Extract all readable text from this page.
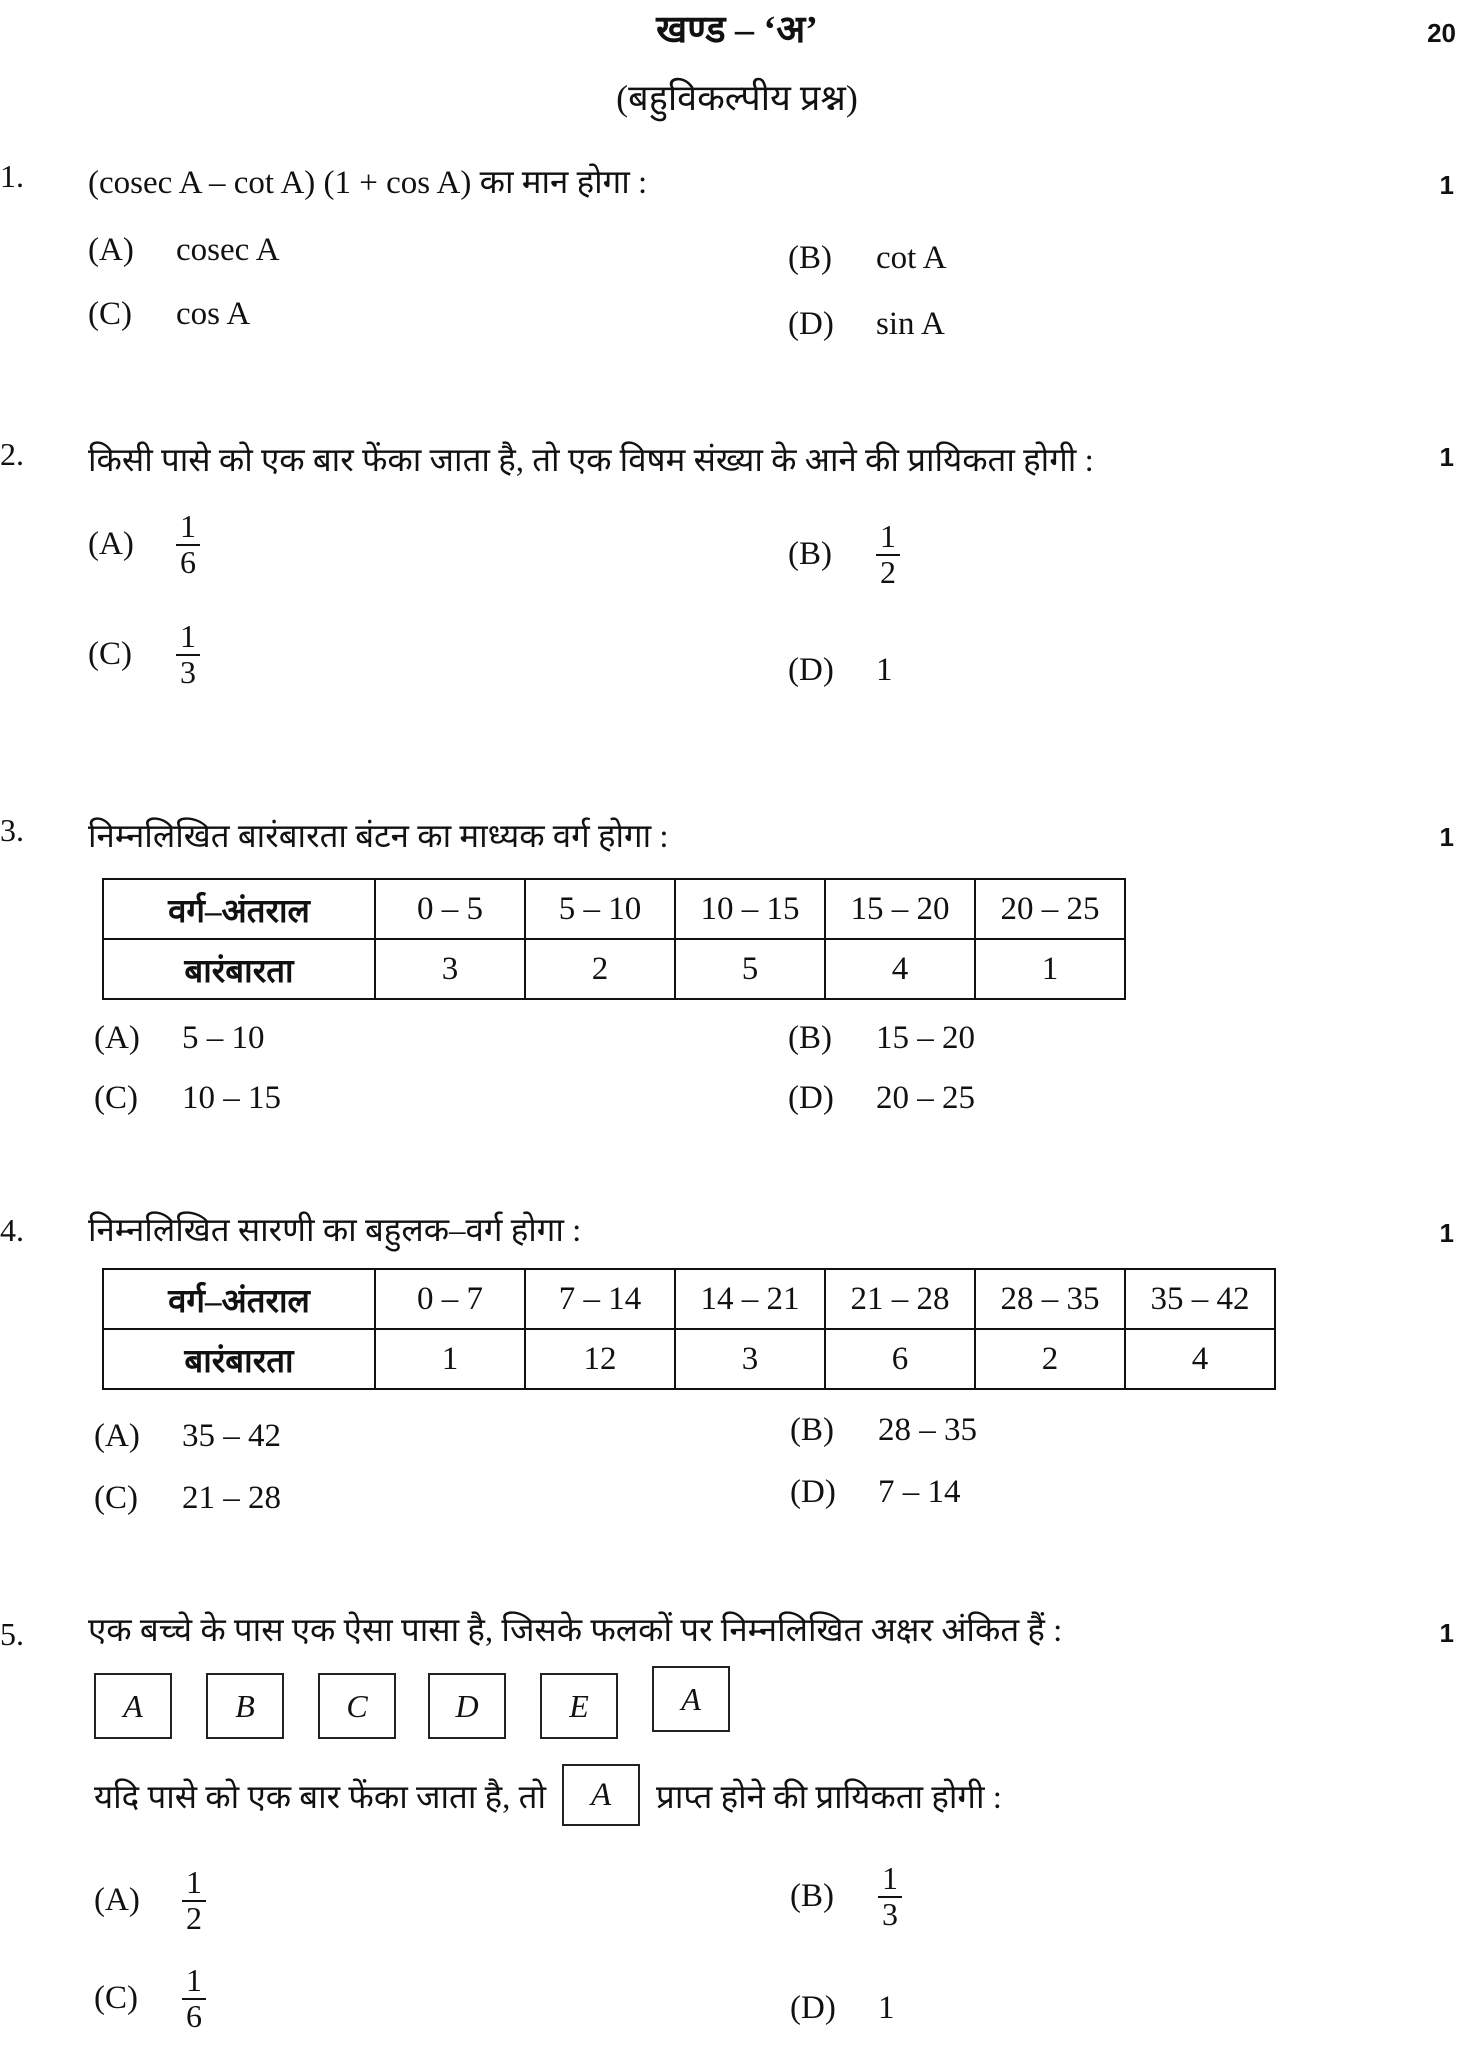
खण्ड – ‘अ’
(बहुविकल्पीय प्रश्न)
20
1. (cosec A – cot A) (1 + cos A) का मान होगा :	1
(A)	cosec A	(B)	cot A
(C)	cos A	(D)	sin A
2. किसी पासे को एक बार फेंका जाता है, तो एक विषम संख्या के आने की प्रायिकता होगी :	1
(A)	$\frac{1}{6}$	(B)	$\frac{1}{2}$
(C)	$\frac{1}{3}$	(D)	1
3. निम्नलिखित बारंबारता बंटन का माध्यक वर्ग होगा :	1
वर्ग–अंतराल	0 – 5	5 – 10	10 – 15	15 – 20	20 – 25
बारंबारता	3	2	5	4	1
(A)	5 – 10	(B)	15 – 20
(C)	10 – 15	(D)	20 – 25
4. निम्नलिखित सारणी का बहुलक–वर्ग होगा :	1
वर्ग–अंतराल	0 – 7	7 – 14	14 – 21	21 – 28	28 – 35	35 – 42
बारंबारता	1	12	3	6	2	4
(A)	35 – 42	(B)	28 – 35
(C)	21 – 28	(D)	7 – 14
5. एक बच्चे के पास एक ऐसा पासा है, जिसके फलकों पर निम्नलिखित अक्षर अंकित हैं :	1
A	B	C	D	E	A
यदि पासे को एक बार फेंका जाता है, तो	A	प्राप्त होने की प्रायिकता होगी :
(A)	$\frac{1}{2}$	(B)	$\frac{1}{3}$
(C)	$\frac{1}{6}$	(D)	1
